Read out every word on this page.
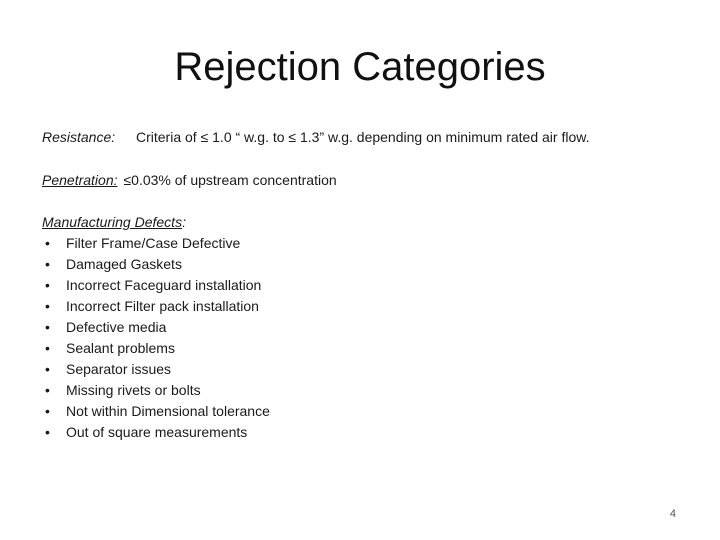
Rejection Categories
Resistance: Criteria of ≤ 1.0 “ w.g. to ≤ 1.3” w.g. depending on minimum rated air flow.
Penetration: ≤0.03% of upstream concentration
Manufacturing Defects:
• Filter Frame/Case Defective
• Damaged Gaskets
• Incorrect Faceguard installation
• Incorrect Filter pack installation
• Defective media
• Sealant problems
• Separator issues
• Missing rivets or bolts
• Not within Dimensional tolerance
• Out of square measurements
4
